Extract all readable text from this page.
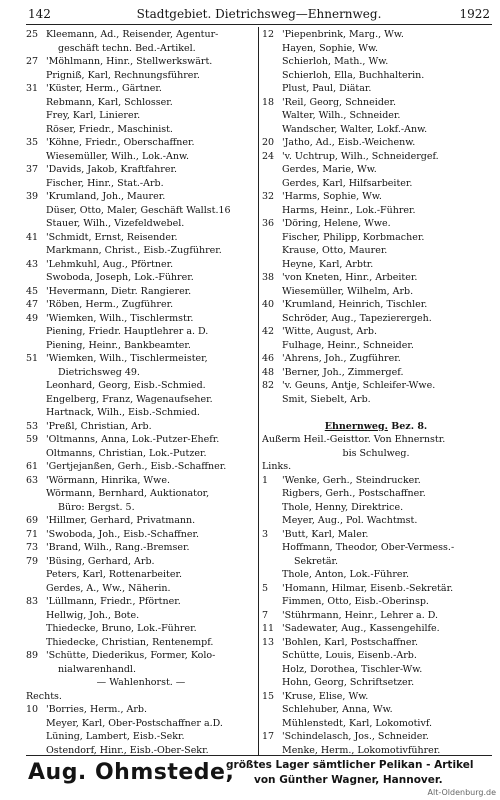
142	Stadtgebiet. Dietrichsweg—Ehnernweg.	1922
25 Kleemann, Ad., Reisender, Agentur-
geschäft techn. Bed.-Artikel.
27 'Möhlmann, Hinr., Stellwerkswärt.
Prigniß, Karl, Rechnungsführer.
31 'Küster, Herm., Gärtner.
Rebmann, Karl, Schlosser.
Frey, Karl, Linierer.
Röser, Friedr., Maschinist.
35 'Köhne, Friedr., Oberschaffner.
Wiesemüller, Wilh., Lok.-Anw.
37 'Davids, Jakob, Kraftfahrer.
Fischer, Hinr., Stat.-Arb.
39 'Krumland, Joh., Maurer.
Düser, Otto, Maler, Geschäft Wallst.16
Stauer, Wilh., Vizefeldwebel.
41 'Schmidt, Ernst, Reisender.
Markmann, Christ., Eisb.-Zugführer.
43 'Lehmkuhl, Aug., Pförtner.
Swoboda, Joseph, Lok.-Führer.
45 'Hevermann, Dietr. Rangierer.
47 'Röben, Herm., Zugführer.
49 'Wiemken, Wilh., Tischlermstr.
Piening, Friedr. Hauptlehrer a. D.
Piening, Heinr., Bankbeamter.
51 'Wiemken, Wilh., Tischlermeister,
Dietrichsweg 49.
Leonhard, Georg, Eisb.-Schmied.
Engelberg, Franz, Wagenaufseher.
Hartnack, Wilh., Eisb.-Schmied.
53 'Preßl, Christian, Arb.
59 'Oltmanns, Anna, Lok.-Putzer-Ehefr.
Oltmanns, Christian, Lok.-Putzer.
61 'Gertjejanßen, Gerh., Eisb.-Schaffner.
63 'Wörmann, Hinrika, Wwe.
Wörmann, Bernhard, Auktionator,
Büro: Bergst. 5.
69 'Hillmer, Gerhard, Privatmann.
71 'Swoboda, Joh., Eisb.-Schaffner.
73 'Brand, Wilh., Rang.-Bremser.
79 'Büsing, Gerhard, Arb.
Peters, Karl, Rottenarbeiter.
Gerdes, A., Ww., Näherin.
83 'Lüllmann, Friedr., Pförtner.
Hellwig, Joh., Bote.
Thiedecke, Bruno, Lok.-Führer.
Thiedecke, Christian, Rentenempf.
89 'Schütte, Diederikus, Former, Kolo-
nialwarenhandl.
— Wahlenhorst. —
Rechts.
10 'Borries, Herm., Arb.
Meyer, Karl, Ober-Postschaffner a.D.
Lüning, Lambert, Eisb.-Sekr.
Ostendorf, Hinr., Eisb.-Ober-Sekr.
12 'Piepenbrink, Marg., Ww.
Hayen, Sophie, Ww.
Schierloh, Math., Ww.
Schierloh, Ella, Buchhalterin.
Plust, Paul, Diätar.
18 'Reil, Georg, Schneider.
Walter, Wilh., Schneider.
Wandscher, Walter, Lokf.-Anw.
20 'Jatho, Ad., Eisb.-Weichenw.
24 'v. Uchtrup, Wilh., Schneidergef.
Gerdes, Marie, Ww.
Gerdes, Karl, Hilfsarbeiter.
32 'Harms, Sophie, Ww.
Harms, Heinr., Lok.-Führer.
36 'Döring, Helene, Wwe.
Fischer, Philipp, Korbmacher.
Krause, Otto, Maurer.
Heyne, Karl, Arbtr.
38 'von Kneten, Hinr., Arbeiter.
Wiesemüller, Wilhelm, Arb.
40 'Krumland, Heinrich, Tischler.
Schröder, Aug., Tapezierergeh.
42 'Witte, August, Arb.
Fulhage, Heinr., Schneider.
46 'Ahrens, Joh., Zugführer.
48 'Berner, Joh., Zimmergef.
82 'v. Geuns, Antje, Schleifer-Wwe.
Smit, Siebelt, Arb.
Ehnernweg. Bez. 8.
Außerm Heil.-Geisttor. Von Ehnernstr.
bis Schulweg.
Links.
1 'Wenke, Gerh., Steindrucker.
Rigbers, Gerh., Postschaffner.
Thole, Henny, Direktrice.
Meyer, Aug., Pol. Wachtmst.
3 'Butt, Karl, Maler.
Hoffmann, Theodor, Ober-Vermess.-
Sekretär.
Thole, Anton, Lok.-Führer.
5 'Homann, Hilmar, Eisenb.-Sekretär.
Fimmen, Otto, Eisb.-Oberinsp.
7 'Stührmann, Heinr., Lehrer a. D.
11 'Sadewater, Aug., Kassengehilfe.
13 'Bohlen, Karl, Postschaffner.
Schütte, Louis, Eisenb.-Arb.
Holz, Dorothea, Tischler-Ww.
Hohn, Georg, Schriftsetzer.
15 'Kruse, Elise, Ww.
Schlehuber, Anna, Ww.
Mühlenstedt, Karl, Lokomotivf.
17 'Schindelasch, Jos., Schneider.
Menke, Herm., Lokomotivführer.
Aug. Ohmstede,
größtes Lager sämtlicher Pelikan - Artikel
von Günther Wagner, Hannover.
Alt-Oldenburg.de
